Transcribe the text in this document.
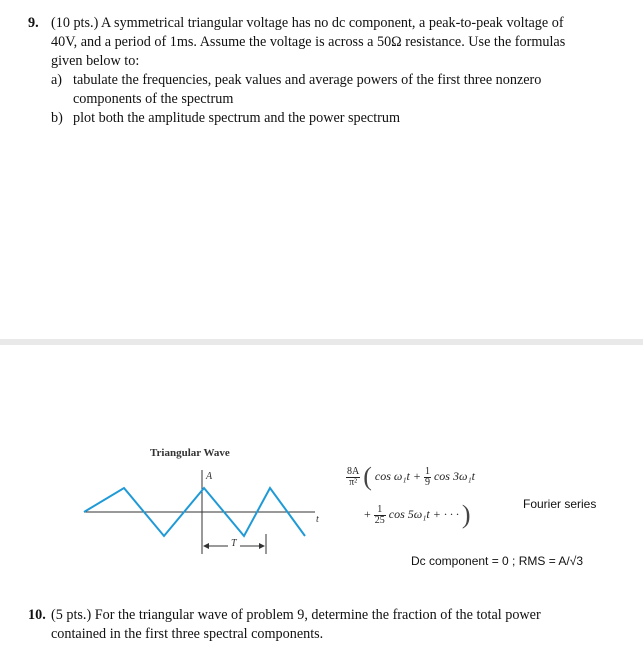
9. (10 pts.) A symmetrical triangular voltage has no dc component, a peak-to-peak voltage of
40V, and a period of 1ms. Assume the voltage is across a 50Ω resistance. Use the formulas
given below to:
a) tabulate the frequencies, peak values and average powers of the first three nonzero
components of the spectrum
b) plot both the amplitude spectrum and the power spectrum
Triangular Wave
A
t
T
$\frac{8A}{\text{π²}}$ ( $\cos \omega_1t + \frac{1}{9}$ cos 3ω₁t
+ $\frac{1}{25}$ cos 5ω₁t + · · · )	Fourier series
Dc component = 0 ; RMS = A/√3
10. (5 pts.) For the triangular wave of problem 9, determine the fraction of the total power
contained in the first three spectral components.
